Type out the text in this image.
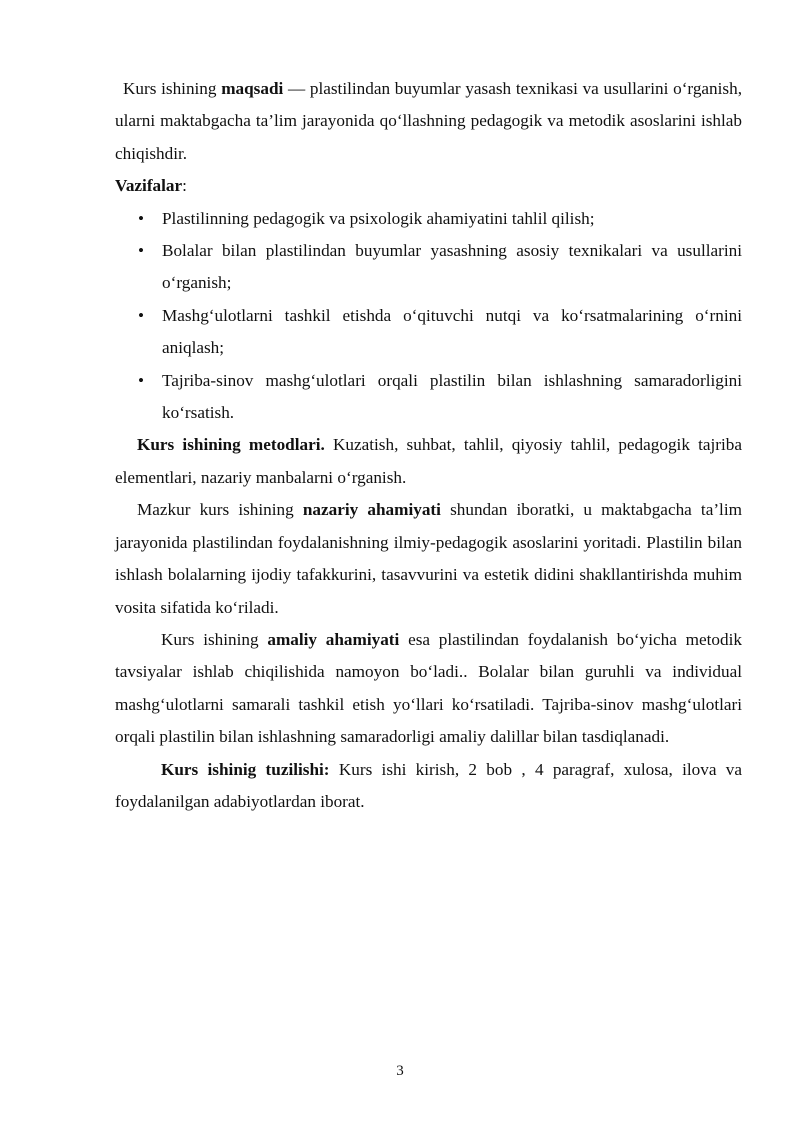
Kurs ishining maqsadi — plastilindan buyumlar yasash texnikasi va usullarini o‘rganish, ularni maktabgacha ta’lim jarayonida qo‘llashning pedagogik va metodik asoslarini ishlab chiqishdir.

Vazifalar:

• Plastilinning pedagogik va psixologik ahamiyatini tahlil qilish;
• Bolalar bilan plastilindan buyumlar yasashning asosiy texnikalari va usullarini o‘rganish;
• Mashg‘ulotlarni tashkil etishda o‘qituvchi nutqi va ko‘rsatmalarining o‘rnini aniqlash;
• Tajriba-sinov mashg‘ulotlari orqali plastilin bilan ishlashning samaradorligini ko‘rsatish.

Kurs ishining metodlari. Kuzatish, suhbat, tahlil, qiyosiy tahlil, pedagogik tajriba elementlari, nazariy manbalarni o‘rganish.

Mazkur kurs ishining nazariy ahamiyati shundan iboratki, u maktabgacha ta’lim jarayonida plastilindan foydalanishning ilmiy-pedagogik asoslarini yoritadi. Plastilin bilan ishlash bolalarning ijodiy tafakkurini, tasavvurini va estetik didini shakllantirishda muhim vosita sifatida ko‘riladi.

Kurs ishining amaliy ahamiyati esa plastilindan foydalanish bo‘yicha metodik tavsiyalar ishlab chiqilishida namoyon bo‘ladi.. Bolalar bilan guruhli va individual mashg‘ulotlarni samarali tashkil etish yo‘llari ko‘rsatiladi. Tajriba-sinov mashg‘ulotlari orqali plastilin bilan ishlashning samaradorligi amaliy dalillar bilan tasdiqlanadi.

Kurs ishinig tuzilishi: Kurs ishi kirish, 2 bob , 4 paragraf, xulosa, ilova va foydalanilgan adabiyotlardan iborat.

3
